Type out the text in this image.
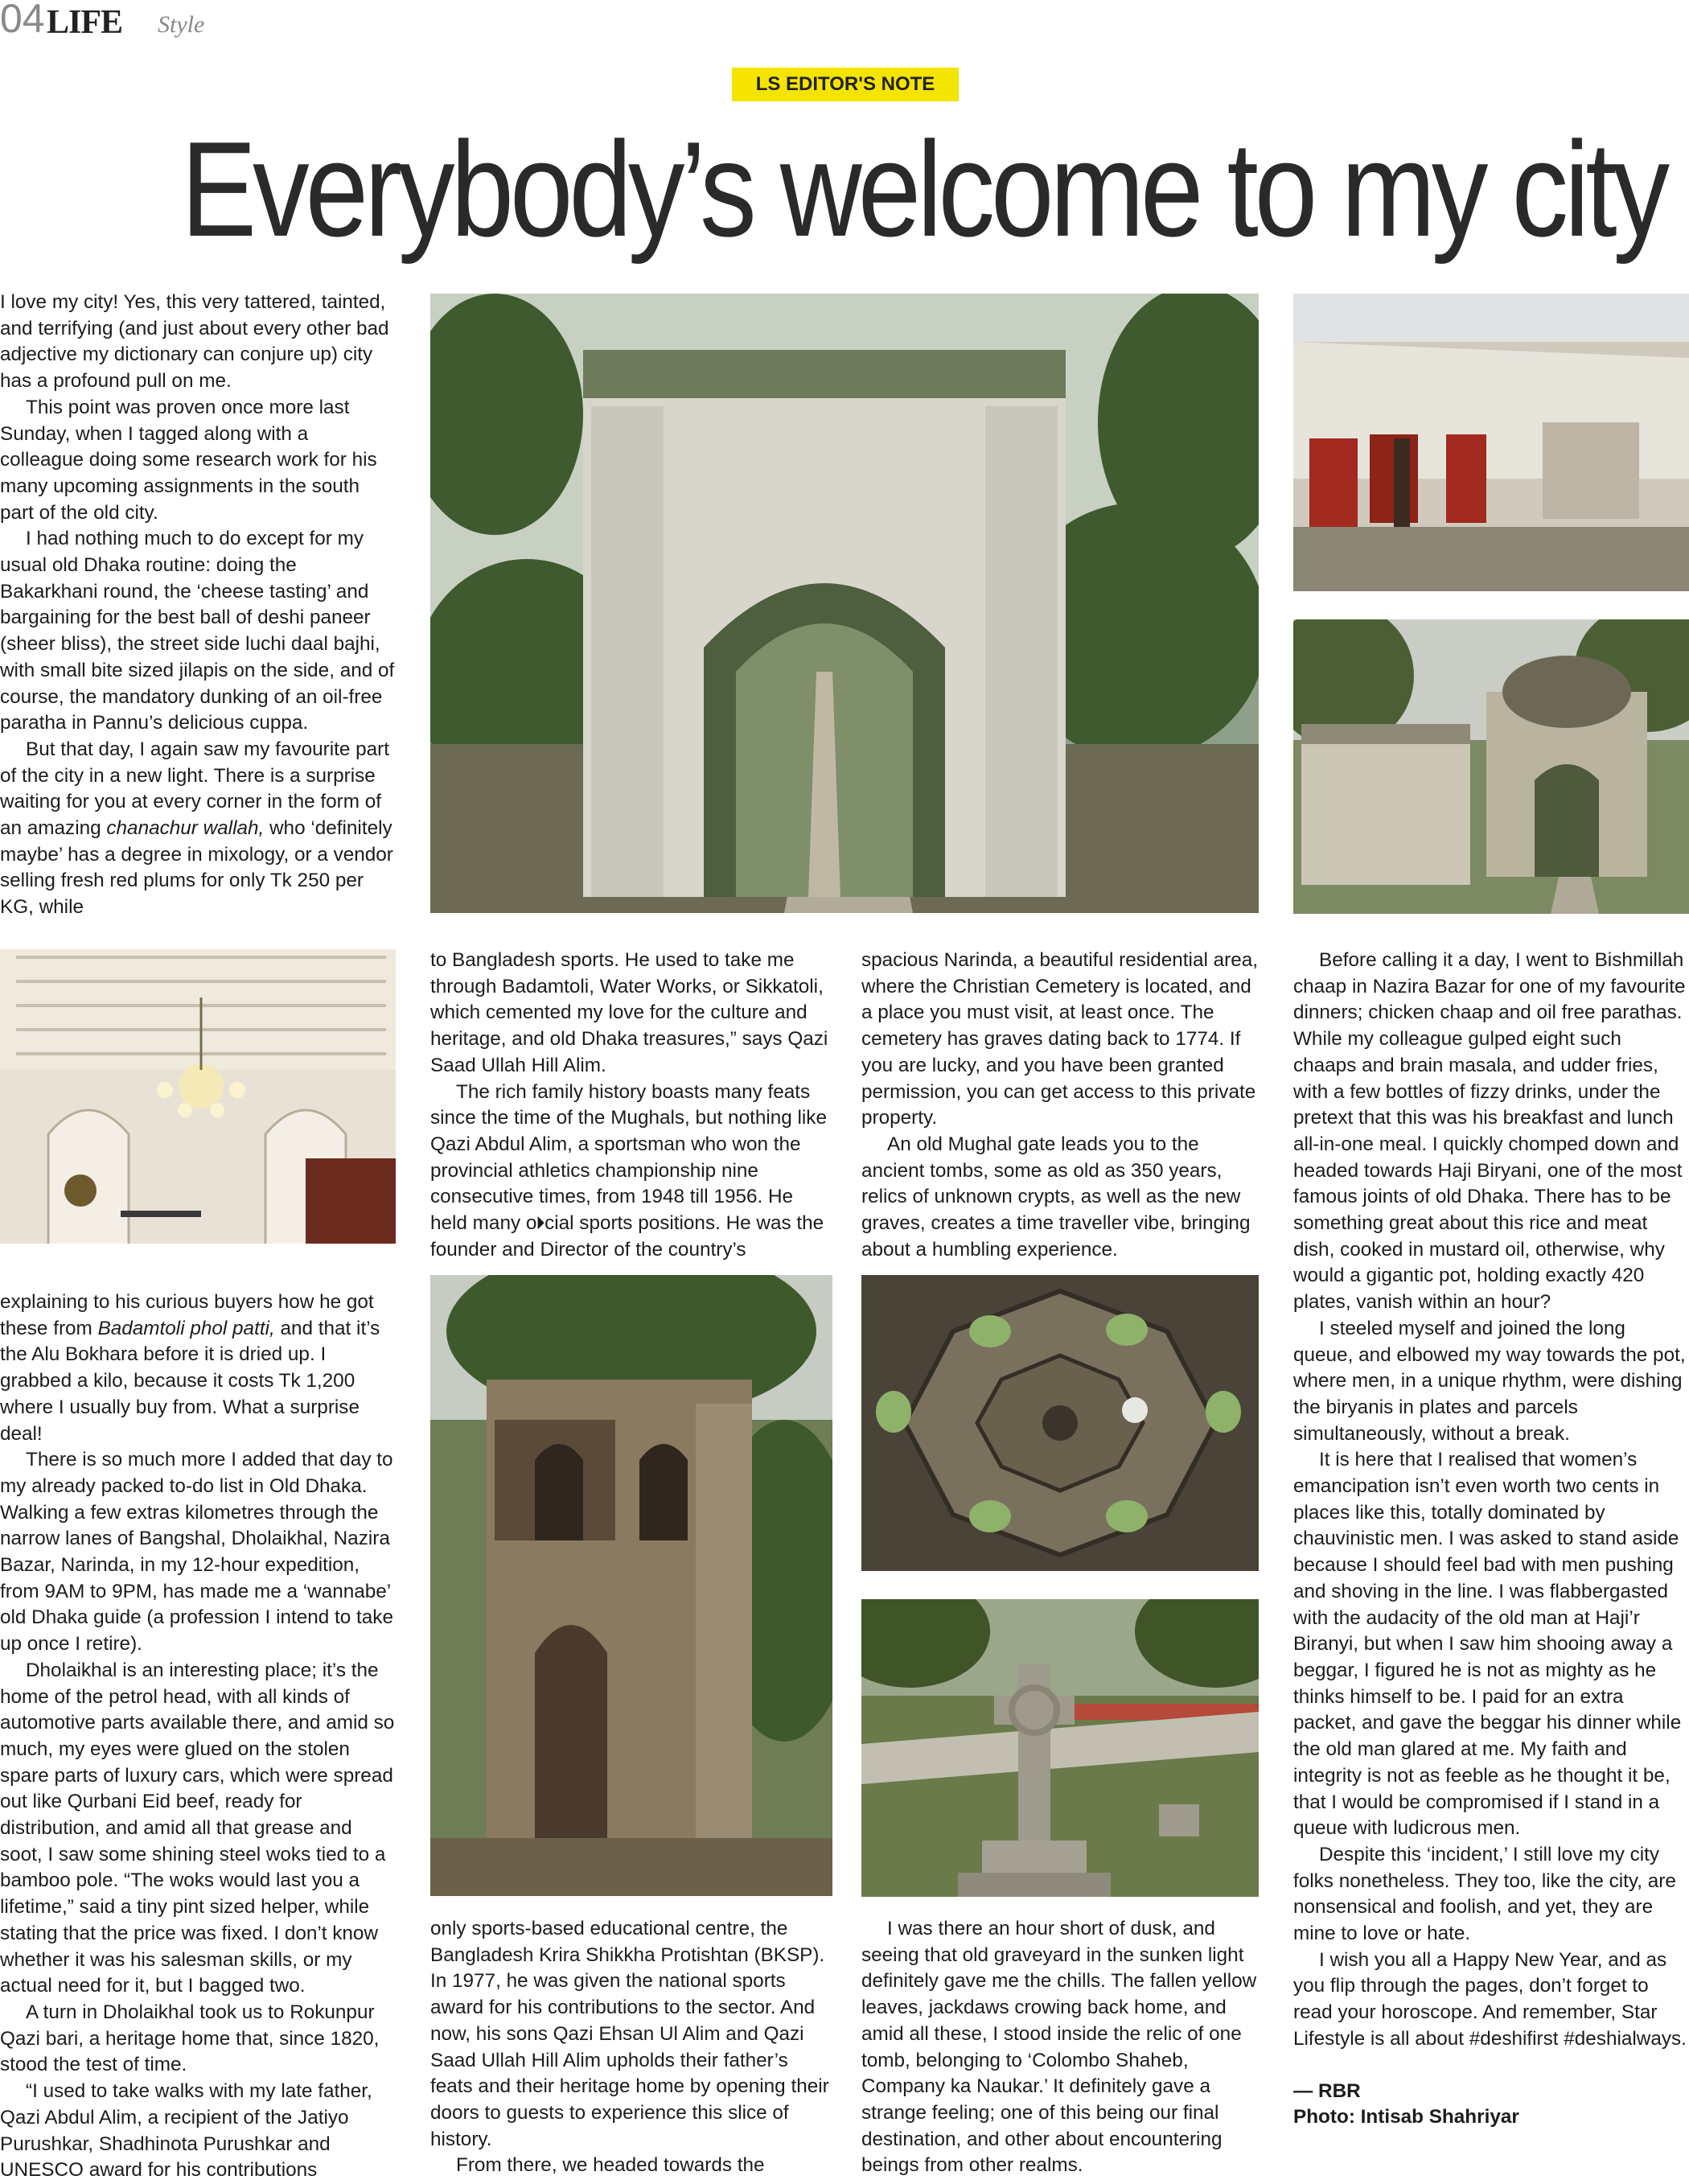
04 LIFE Style
LS EDITOR'S NOTE
Everybody’s welcome to my city

I love my city! Yes, this very tattered, tainted, and terrifying (and just about every other bad adjective my dictionary can conjure up) city has a profound pull on me.

This point was proven once more last Sunday, when I tagged along with a colleague doing some research work for his many upcoming assignments in the south part of the old city.

I had nothing much to do except for my usual old Dhaka routine: doing the Bakarkhani round, the ‘cheese tasting’ and bargaining for the best ball of deshi paneer (sheer bliss), the street side luchi daal bajhi, with small bite sized jilapis on the side, and of course, the mandatory dunking of an oil-free paratha in Pannu’s delicious cuppa.

But that day, I again saw my favourite part of the city in a new light. There is a surprise waiting for you at every corner in the form of an amazing chanachur wallah, who ‘definitely maybe’ has a degree in mixology, or a vendor selling fresh red plums for only Tk 250 per KG, while

explaining to his curious buyers how he got these from Badamtoli phol patti, and that it’s the Alu Bokhara before it is dried up. I grabbed a kilo, because it costs Tk 1,200 where I usually buy from. What a surprise deal!

There is so much more I added that day to my already packed to-do list in Old Dhaka. Walking a few extras kilometres through the narrow lanes of Bangshal, Dholaikhal, Nazira Bazar, Narinda, in my 12-hour expedition, from 9AM to 9PM, has made me a ‘wannabe’ old Dhaka guide (a profession I intend to take up once I retire).

Dholaikhal is an interesting place; it’s the home of the petrol head, with all kinds of automotive parts available there, and amid so much, my eyes were glued on the stolen spare parts of luxury cars, which were spread out like Qurbani Eid beef, ready for distribution, and amid all that grease and soot, I saw some shining steel woks tied to a bamboo pole. “The woks would last you a lifetime,” said a tiny pint sized helper, while stating that the price was fixed. I don’t know whether it was his salesman skills, or my actual need for it, but I bagged two.

A turn in Dholaikhal took us to Rokunpur Qazi bari, a heritage home that, since 1820, stood the test of time.

“I used to take walks with my late father, Qazi Abdul Alim, a recipient of the Jatiyo Purushkar, Shadhinota Purushkar and UNESCO award for his contributions

to Bangladesh sports. He used to take me through Badamtoli, Water Works, or Sikkatoli, which cemented my love for the culture and heritage, and old Dhaka treasures,” says Qazi Saad Ullah Hill Alim.

The rich family history boasts many feats since the time of the Mughals, but nothing like Qazi Abdul Alim, a sportsman who won the provincial athletics championship nine consecutive times, from 1948 till 1956. He held many o🞂cial sports positions. He was the founder and Director of the country’s

only sports-based educational centre, the Bangladesh Krira Shikkha Protishtan (BKSP). In 1977, he was given the national sports award for his contributions to the sector. And now, his sons Qazi Ehsan Ul Alim and Qazi Saad Ullah Hill Alim upholds their father’s feats and their heritage home by opening their doors to guests to experience this slice of history.

From there, we headed towards the

spacious Narinda, a beautiful residential area, where the Christian Cemetery is located, and a place you must visit, at least once. The cemetery has graves dating back to 1774. If you are lucky, and you have been granted permission, you can get access to this private property.

An old Mughal gate leads you to the ancient tombs, some as old as 350 years, relics of unknown crypts, as well as the new graves, creates a time traveller vibe, bringing about a humbling experience.

I was there an hour short of dusk, and seeing that old graveyard in the sunken light definitely gave me the chills. The fallen yellow leaves, jackdaws crowing back home, and amid all these, I stood inside the relic of one tomb, belonging to ‘Colombo Shaheb, Company ka Naukar.’ It definitely gave a strange feeling; one of this being our final destination, and other about encountering beings from other realms.

Before calling it a day, I went to Bishmillah chaap in Nazira Bazar for one of my favourite dinners; chicken chaap and oil free parathas. While my colleague gulped eight such chaaps and brain masala, and udder fries, with a few bottles of fizzy drinks, under the pretext that this was his breakfast and lunch all-in-one meal. I quickly chomped down and headed towards Haji Biryani, one of the most famous joints of old Dhaka. There has to be something great about this rice and meat dish, cooked in mustard oil, otherwise, why would a gigantic pot, holding exactly 420 plates, vanish within an hour?

I steeled myself and joined the long queue, and elbowed my way towards the pot, where men, in a unique rhythm, were dishing the biryanis in plates and parcels simultaneously, without a break.

It is here that I realised that women’s emancipation isn’t even worth two cents in places like this, totally dominated by chauvinistic men. I was asked to stand aside because I should feel bad with men pushing and shoving in the line. I was flabbergasted with the audacity of the old man at Haji’r Biranyi, but when I saw him shooing away a beggar, I figured he is not as mighty as he thinks himself to be. I paid for an extra packet, and gave the beggar his dinner while the old man glared at me. My faith and integrity is not as feeble as he thought it be, that I would be compromised if I stand in a queue with ludicrous men.

Despite this ‘incident,’ I still love my city folks nonetheless. They too, like the city, are nonsensical and foolish, and yet, they are mine to love or hate.

I wish you all a Happy New Year, and as you flip through the pages, don’t forget to read your horoscope. And remember, Star Lifestyle is all about #deshifirst #deshialways.

— RBR

Photo: Intisab Shahriyar
